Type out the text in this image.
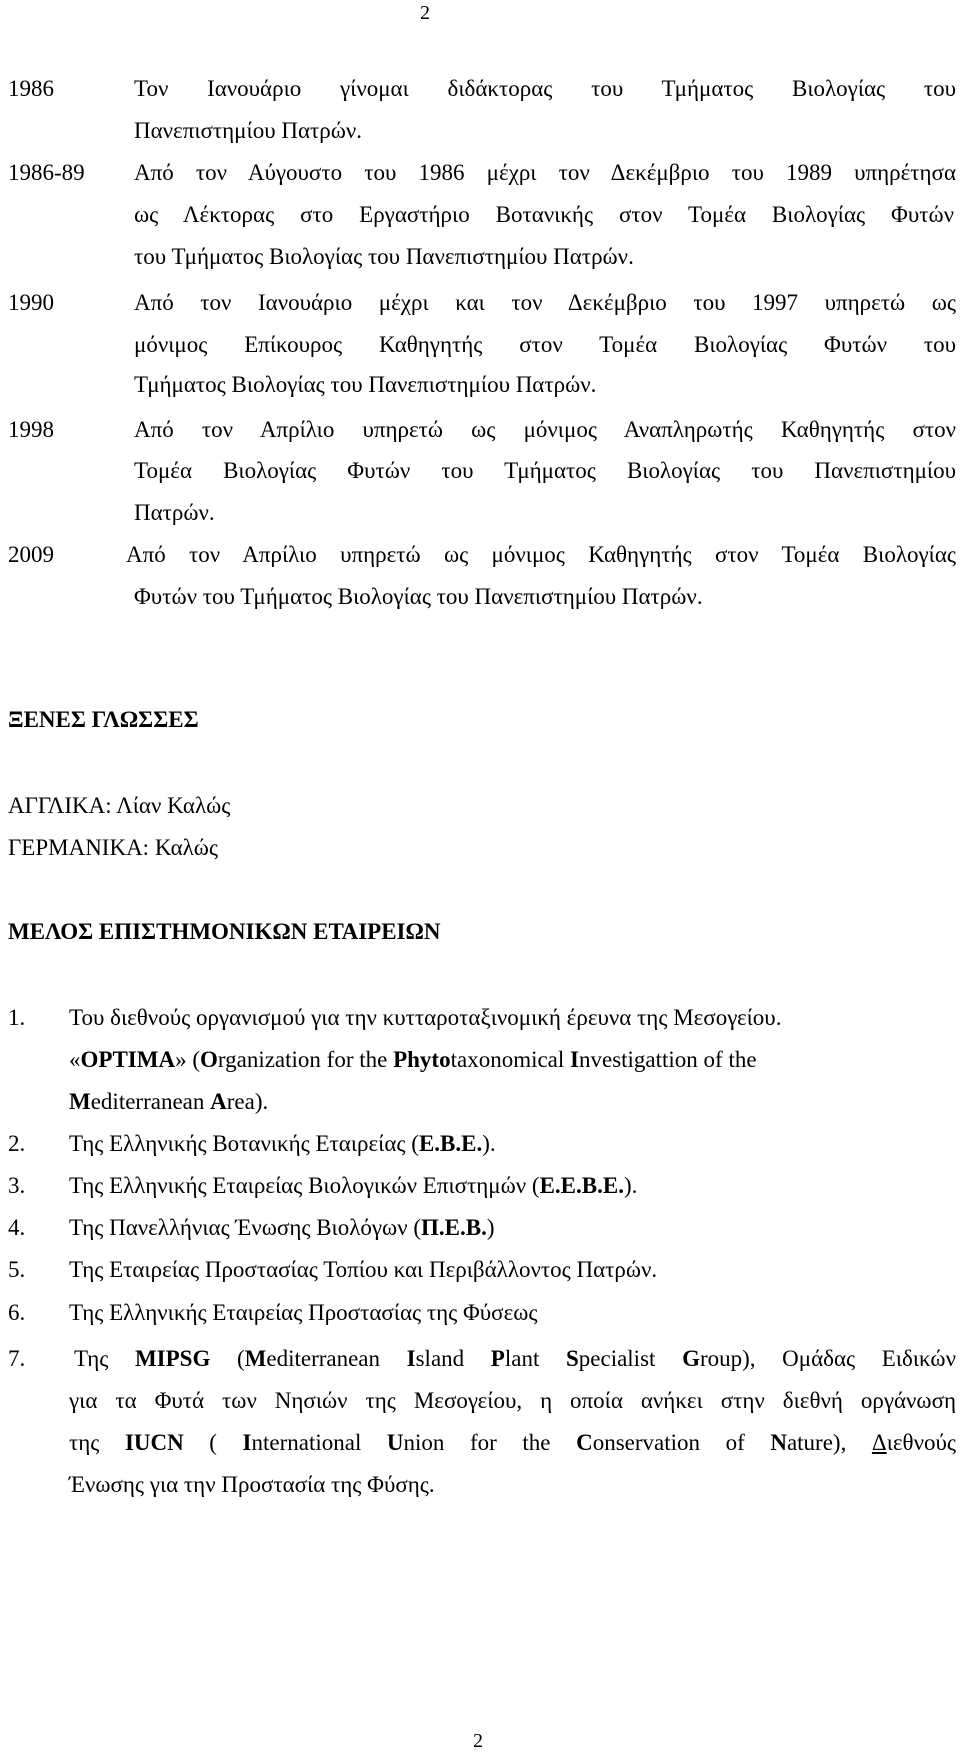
2
1986	Τον Ιανουάριο γίνομαι διδάκτορας του Τμήματος Βιολογίας του
Πανεπιστημίου Πατρών.
1986-89 Από τον Αύγουστο του 1986 μέχρι τον Δεκέμβριο του 1989 υπηρέτησα
ως Λέκτορας στο Εργαστήριο Βοτανικής στον Τομέα Βιολογίας Φυτών
του Τμήματος Βιολογίας του Πανεπιστημίου Πατρών.
1990	Από τον Ιανουάριο μέχρι και τον Δεκέμβριο του 1997 υπηρετώ ως
μόνιμος Επίκουρος Καθηγητής στον Τομέα Βιολογίας Φυτών του
Τμήματος Βιολογίας του Πανεπιστημίου Πατρών.
1998	Από τον Απρίλιο υπηρετώ ως μόνιμος Αναπληρωτής Καθηγητής στον
Τομέα Βιολογίας Φυτών του Τμήματος Βιολογίας του Πανεπιστημίου
Πατρών.
2009	Από τον Απρίλιο υπηρετώ ως μόνιμος Καθηγητής στον Τομέα Βιολογίας
Φυτών του Τμήματος Βιολογίας του Πανεπιστημίου Πατρών.
ΞΕΝΕΣ ΓΛΩΣΣΕΣ
ΑΓΓΛΙΚΑ: Λίαν Καλώς
ΓΕΡΜΑΝΙΚΑ: Καλώς
ΜΕΛΟΣ ΕΠΙΣΤΗΜΟΝΙΚΩΝ ΕΤΑΙΡΕΙΩΝ
1. Του διεθνούς οργανισμού για την κυτταροταξινομική έρευνα της Μεσογείου.
«OPTIMA» (Organization for the Phytotaxonomical Investigattion of the
Mediterranean Area).
2. Της Ελληνικής Βοτανικής Εταιρείας (Ε.Β.Ε.).
3. Της Ελληνικής Εταιρείας Βιολογικών Επιστημών (Ε.Ε.Β.Ε.).
4. Της Πανελλήνιας Ένωσης Βιολόγων (Π.Ε.Β.)
5. Της Εταιρείας Προστασίας Τοπίου και Περιβάλλοντος Πατρών.
6. Της Ελληνικής Εταιρείας Προστασίας της Φύσεως
7. Της MIPSG (Mediterranean Island Plant Specialist Group), Ομάδας Ειδικών
για τα Φυτά των Νησιών της Μεσογείου, η οποία ανήκει στην διεθνή οργάνωση
της IUCN ( International Union for the Conservation of Nature), Διεθνούς
Ένωσης για την Προστασία της Φύσης.
2
